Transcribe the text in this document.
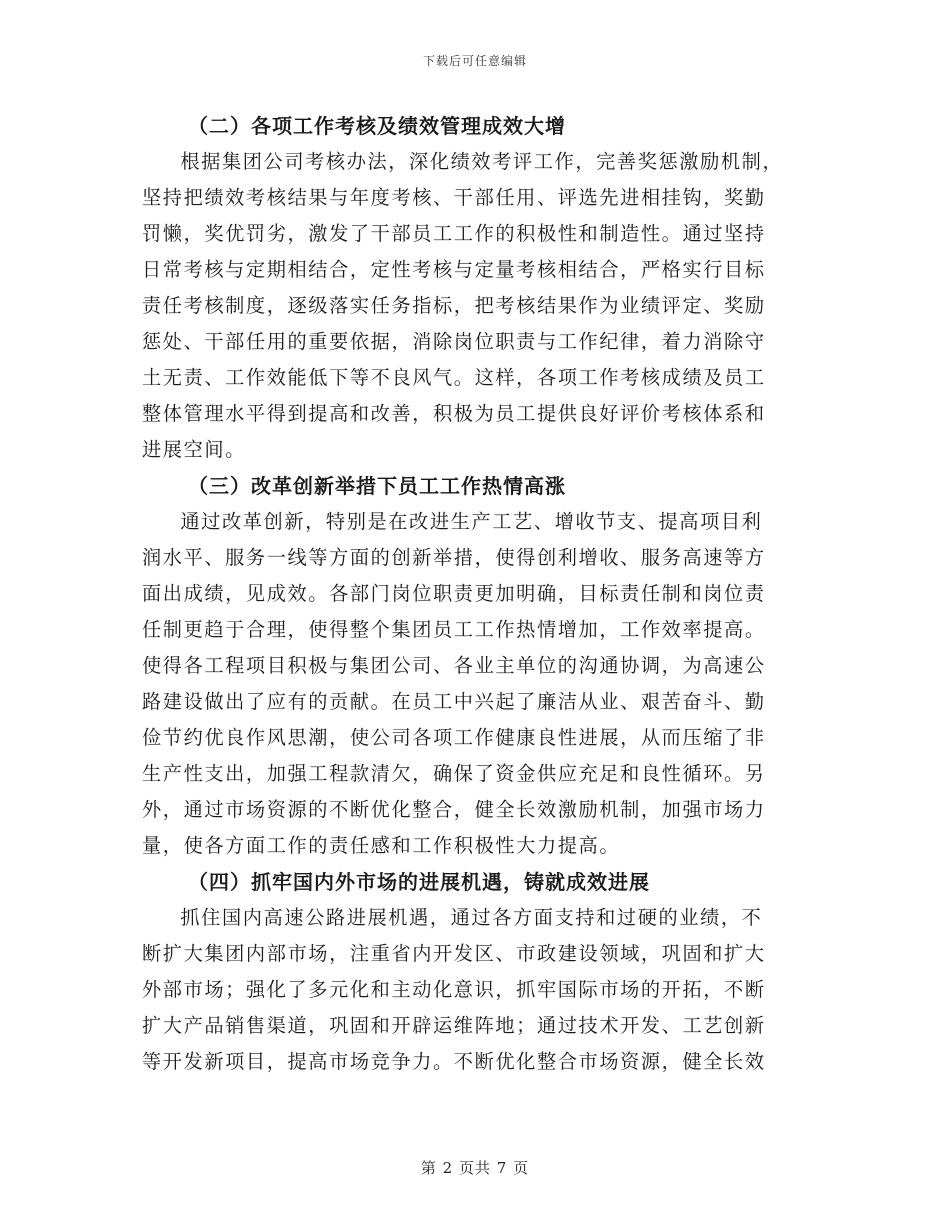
下载后可任意编辑
（二）各项工作考核及绩效管理成效大增
根据集团公司考核办法，深化绩效考评工作，完善奖惩激励机制，
坚持把绩效考核结果与年度考核、干部任用、评选先进相挂钩，奖勤
罚懒，奖优罚劣，激发了干部员工工作的积极性和制造性。通过坚持
日常考核与定期相结合，定性考核与定量考核相结合，严格实行目标
责任考核制度，逐级落实任务指标，把考核结果作为业绩评定、奖励
惩处、干部任用的重要依据，消除岗位职责与工作纪律，着力消除守
土无责、工作效能低下等不良风气。这样，各项工作考核成绩及员工
整体管理水平得到提高和改善，积极为员工提供良好评价考核体系和
进展空间。
（三）改革创新举措下员工工作热情高涨
通过改革创新，特别是在改进生产工艺、增收节支、提高项目利
润水平、服务一线等方面的创新举措，使得创利增收、服务高速等方
面出成绩，见成效。各部门岗位职责更加明确，目标责任制和岗位责
任制更趋于合理，使得整个集团员工工作热情增加，工作效率提高。
使得各工程项目积极与集团公司、各业主单位的沟通协调，为高速公
路建设做出了应有的贡献。在员工中兴起了廉洁从业、艰苦奋斗、勤
俭节约优良作风思潮，使公司各项工作健康良性进展，从而压缩了非
生产性支出，加强工程款清欠，确保了资金供应充足和良性循环。另
外，通过市场资源的不断优化整合，健全长效激励机制，加强市场力
量，使各方面工作的责任感和工作积极性大力提高。
（四）抓牢国内外市场的进展机遇，铸就成效进展
抓住国内高速公路进展机遇，通过各方面支持和过硬的业绩，不
断扩大集团内部市场，注重省内开发区、市政建设领域，巩固和扩大
外部市场；强化了多元化和主动化意识，抓牢国际市场的开拓，不断
扩大产品销售渠道，巩固和开辟运维阵地；通过技术开发、工艺创新
等开发新项目，提高市场竞争力。不断优化整合市场资源，健全长效
第 2 页共 7 页
